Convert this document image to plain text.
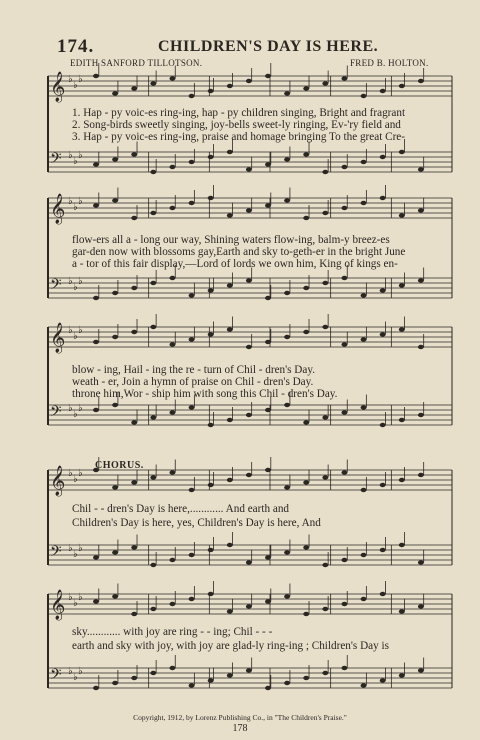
174.	CHILDREN'S DAY IS HERE.
EDITH SANFORD TILLOTSON.	FRED B. HOLTON.
𝄞 ♭
♭
♭
𝄢 ♭
♭
♭
𝄞 ♭
♭
♭
𝄢 ♭
♭
♭
𝄞 ♭
♭
♭
𝄢 ♭
♭
♭
𝄞 ♭
♭
♭
𝄢 ♭
♭
♭
𝄞 ♭
♭
♭
𝄢 ♭
♭
♭
1. Hap - py voic-es ring-ing, hap - py children singing, Bright and fragrant
2. Song-birds sweetly singing, joy-bells sweet-ly ringing, Ev-'ry field and
3. Hap - py voic-es ring-ing, praise and homage bringing To the great Cre-
flow-ers all a - long our way, Shining waters flow-ing, balm-y breez-es
gar-den now with blossoms gay,Earth and sky to-geth-er in the bright June
a - tor of this fair display,—Lord of lords we own him, King of kings en-
blow - ing, Hail - ing the re - turn of Chil - dren's Day.
weath - er, Join a hymn of praise on Chil - dren's Day.
throne him,Wor - ship him with song this Chil - dren's Day.
CHORUS.
Chil - - dren's Day is here,............ And earth and
Children's Day is here, yes, Children's Day is here, And
sky............ with joy are ring - - ing; Chil - - -
earth and sky with joy, with joy are glad-ly ring-ing ; Children's Day is
Copyright, 1912, by Lorenz Publishing Co., in "The Children's Praise."
178
